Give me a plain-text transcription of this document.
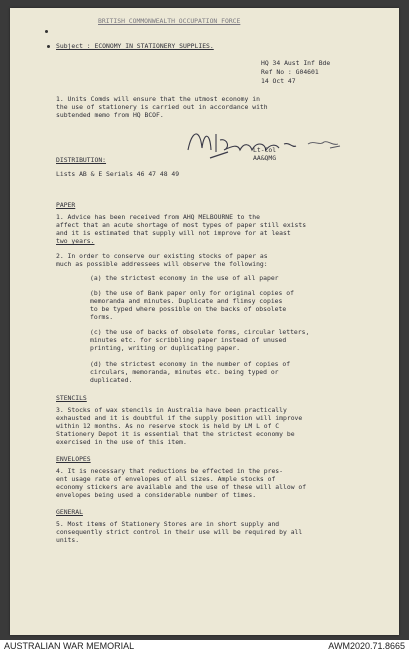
BRITISH COMMONWEALTH OCCUPATION FORCE
Subject : ECONOMY IN STATIONERY SUPPLIES.
HQ 34 Aust Inf Bde
Ref No : G04601
14 Oct 47
1. Units Comds will ensure that the utmost economy in
the use of stationery is carried out in accordance with
subtended memo from HQ BCOF.
Lt-Col
AA&QMG
DISTRIBUTION:
Lists AB & E Serials 46 47 48 49
PAPER
1. Advice has been received from AHQ MELBOURNE to the
affect that an acute shortage of most types of paper still exists
and it is estimated that supply will not improve for at least
two years.
2. In order to conserve our existing stocks of paper as
much as possible addressees will observe the following:
(a) the strictest economy in the use of all paper
(b) the use of Bank paper only for original copies of
memoranda and minutes. Duplicate and flimsy copies
to be typed where possible on the backs of obsolete
forms.
(c) the use of backs of obsolete forms, circular letters,
minutes etc. for scribbling paper instead of unused
printing, writing or duplicating paper.
(d) the strictest economy in the number of copies of
circulars, memoranda, minutes etc. being typed or
duplicated.
STENCILS
3. Stocks of wax stencils in Australia have been practically
exhausted and it is doubtful if the supply position will improve
within 12 months. As no reserve stock is held by LM L of C
Stationery Depot it is essential that the strictest economy be
exercised in the use of this item.
ENVELOPES
4. It is necessary that reductions be effected in the pres-
ent usage rate of envelopes of all sizes. Ample stocks of
economy stickers are available and the use of these will allow of
envelopes being used a considerable number of times.
GENERAL
5. Most items of Stationery Stores are in short supply and
consequently strict control in their use will be required by all
units.
AUSTRALIAN WAR MEMORIAL	AWM2020.71.8665
